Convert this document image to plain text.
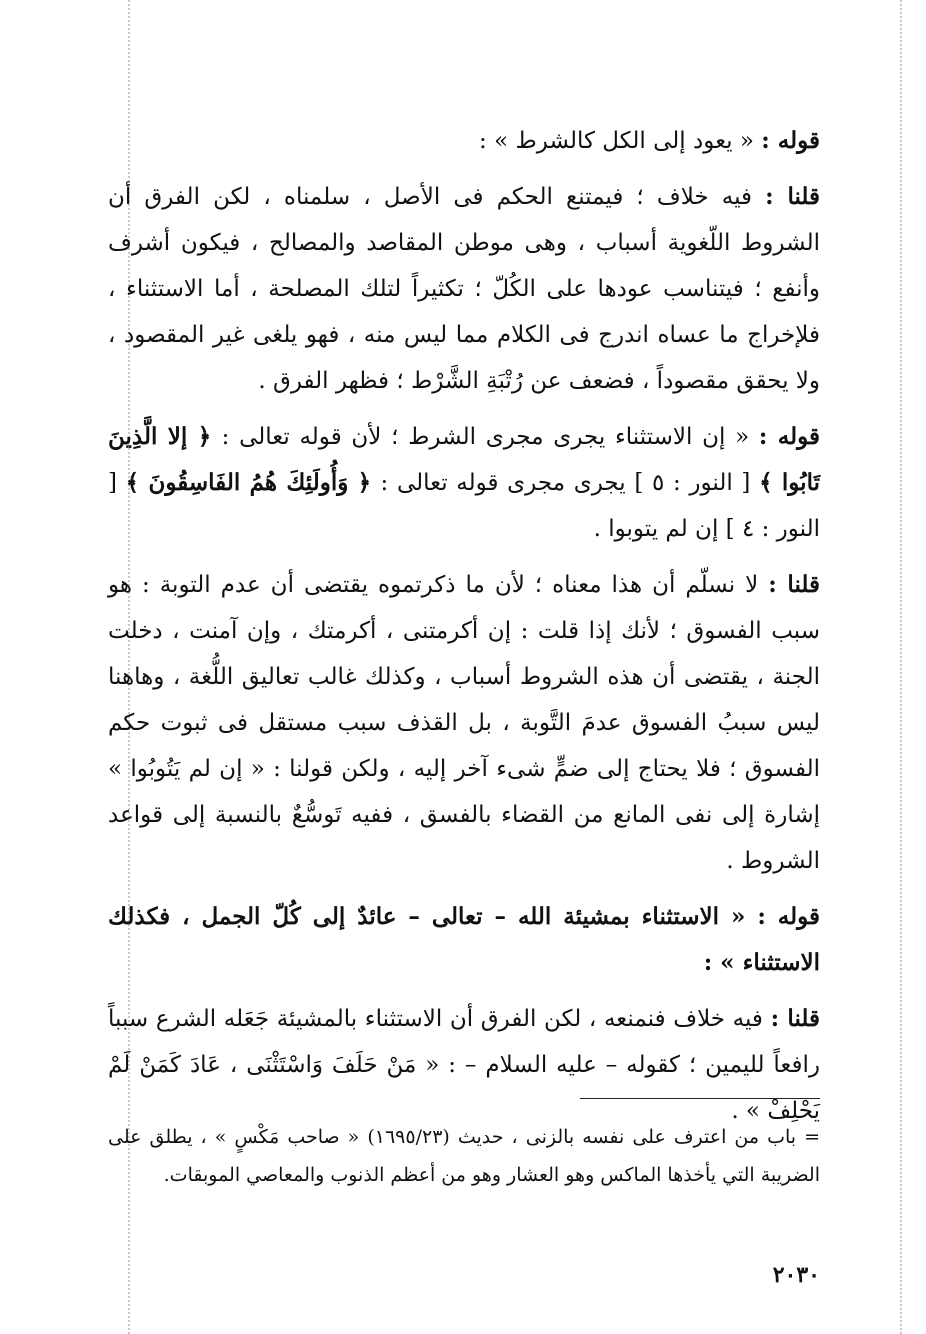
قوله : « يعود إلى الكل كالشرط » :

قلنا : فيه خلاف ؛ فيمتنع الحكم فى الأصل ، سلمناه ، لكن الفرق أن الشروط اللّغوية أسباب ، وهى موطن المقاصد والمصالح ، فيكون أشرف وأنفع ؛ فيتناسب عودها على الكُلّ ؛ تكثيراً لتلك المصلحة ، أما الاستثناء ، فلإخراج ما عساه اندرج فى الكلام مما ليس منه ، فهو يلغى غير المقصود ، ولا يحقق مقصوداً ، فضعف عن رُتْبَةِ الشَّرْط ؛ فظهر الفرق .

قوله : « إن الاستثناء يجرى مجرى الشرط ؛ لأن قوله تعالى : ﴿ إلا الَّذِينَ تَابُوا ﴾ [ النور : ٥ ] يجرى مجرى قوله تعالى : ﴿ وَأُولَئِكَ هُمُ الفَاسِقُونَ ﴾ [ النور : ٤ ] إن لم يتوبوا .

قلنا : لا نسلّم أن هذا معناه ؛ لأن ما ذكرتموه يقتضى أن عدم التوبة : هو سبب الفسوق ؛ لأنك إذا قلت : إن أكرمتنى ، أكرمتك ، وإن آمنت ، دخلت الجنة ، يقتضى أن هذه الشروط أسباب ، وكذلك غالب تعاليق اللُّغة ، وهاهنا ليس سببُ الفسوق عدمَ التَّوبة ، بل القذف سبب مستقل فى ثبوت حكم الفسوق ؛ فلا يحتاج إلى ضمٍّ شىء آخر إليه ، ولكن قولنا : « إن لم يَتُوبُوا » إشارة إلى نفى المانع من القضاء بالفسق ، ففيه تَوسُّعٌ بالنسبة إلى قواعد الشروط .

قوله : « الاستثناء بمشيئة الله – تعالى – عائدٌ إلى كُلّ الجمل ، فكذلك الاستثناء » :

قلنا : فيه خلاف فنمنعه ، لكن الفرق أن الاستثناء بالمشيئة جَعَله الشرع سبباً رافعاً لليمين ؛ كقوله – عليه السلام – : « مَنْ حَلَفَ وَاسْتَثْنَى ، عَادَ كَمَنْ لَمْ يَحْلِفْ » .

= باب من اعترف على نفسه بالزنى ، حديث (١٦٩٥/٢٣) « صاحب مَكْسٍ » ، يطلق على الضريبة التي يأخذها الماكس وهو العشار وهو من أعظم الذنوب والمعاصي الموبقات.
٢٠٣٠
